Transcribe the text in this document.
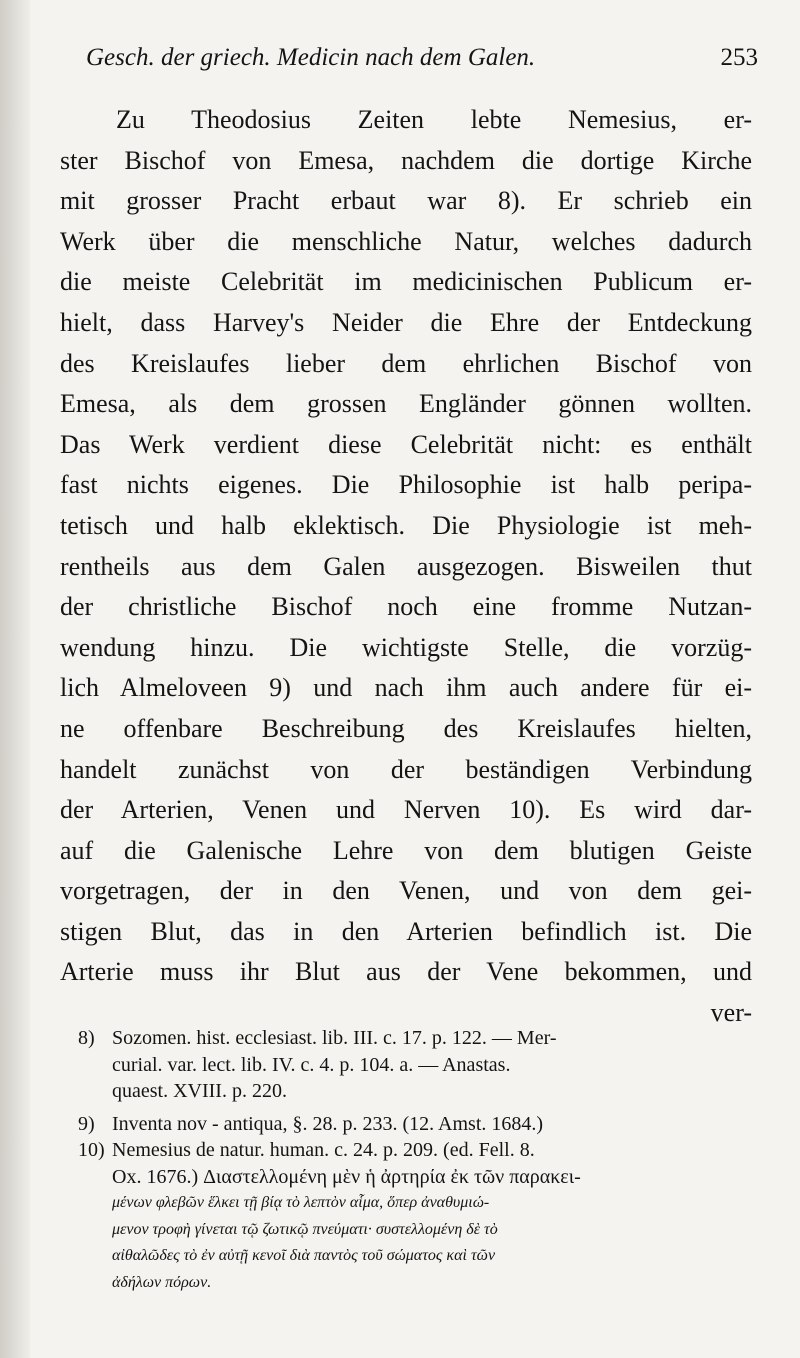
Gesch. der griech. Medicin nach dem Galen.	253
Zu Theodosius Zeiten lebte Nemesius, er-
ster Bischof von Emesa, nachdem die dortige Kirche
mit grosser Pracht erbaut war 8). Er schrieb ein
Werk über die menschliche Natur, welches dadurch
die meiste Celebrität im medicinischen Publicum er-
hielt, dass Harvey's Neider die Ehre der Entdeckung
des Kreislaufes lieber dem ehrlichen Bischof von
Emesa, als dem grossen Engländer gönnen wollten.
Das Werk verdient diese Celebrität nicht: es enthält
fast nichts eigenes. Die Philosophie ist halb peripa-
tetisch und halb eklektisch. Die Physiologie ist meh-
rentheils aus dem Galen ausgezogen. Bisweilen thut
der christliche Bischof noch eine fromme Nutzan-
wendung hinzu. Die wichtigste Stelle, die vorzüg-
lich Almeloveen 9) und nach ihm auch andere für ei-
ne offenbare Beschreibung des Kreislaufes hielten,
handelt zunächst von der beständigen Verbindung
der Arterien, Venen und Nerven 10). Es wird dar-
auf die Galenische Lehre von dem blutigen Geiste
vorgetragen, der in den Venen, und von dem gei-
stigen Blut, das in den Arterien befindlich ist. Die
Arterie muss ihr Blut aus der Vene bekommen, und
ver-
8) Sozomen. hist. ecclesiast. lib. III. c. 17. p. 122. — Mer-
curial. var. lect. lib. IV. c. 4. p. 104. a. — Anastas.
quaest. XVIII. p. 220.
9) Inventa nov - antiqua, §. 28. p. 233. (12. Amst. 1684.)
10) Nemesius de natur. human. c. 24. p. 209. (ed. Fell. 8.
Ox. 1676.) Διαστελλομένη μὲν ἡ ἀρτηρία ἐκ τῶν παρακει-
μένων φλεβῶν ἕλκει τῇ βίᾳ τὸ λεπτὸν αἷμα, ὅπερ ἀναθυμιώ-
μενον τροφὴ γίνεται τῷ ζωτικῷ πνεύματι· συστελλομένη δὲ τὸ
αἰθαλῶδες τὸ ἐν αὐτῇ κενοῖ διὰ παντὸς τοῦ σώματος καὶ τῶν
ἀδήλων πόρων.
